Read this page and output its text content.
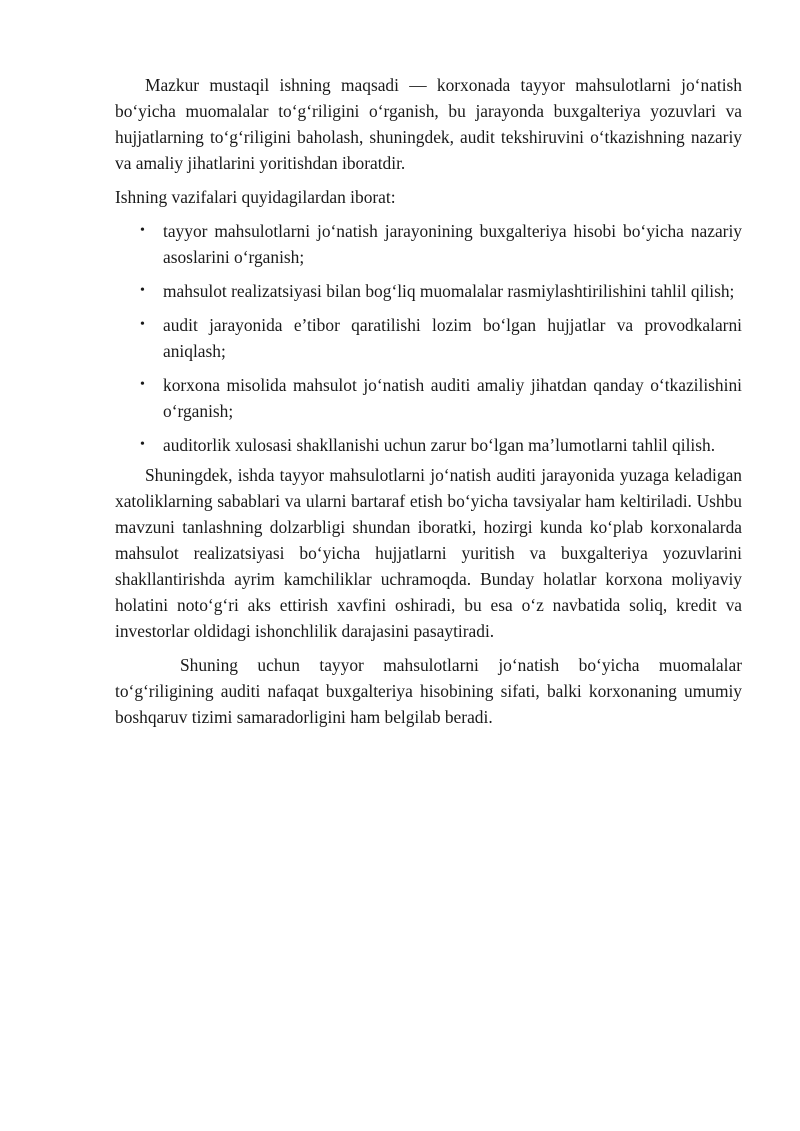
Mazkur mustaqil ishning maqsadi — korxonada tayyor mahsulotlarni jo‘natish bo‘yicha muomalalar to‘g‘riligini o‘rganish, bu jarayonda buxgalteriya yozuvlari va hujjatlarning to‘g‘riligini baholash, shuningdek, audit tekshiruvini o‘tkazishning nazariy va amaliy jihatlarini yoritishdan iboratdir.

Ishning vazifalari quyidagilardan iborat:

• tayyor mahsulotlarni jo‘natish jarayonining buxgalteriya hisobi bo‘yicha nazariy asoslarini o‘rganish;
• mahsulot realizatsiyasi bilan bog‘liq muomalalar rasmiylashtirilishini tahlil qilish;
• audit jarayonida e’tibor qaratilishi lozim bo‘lgan hujjatlar va provodkalarni aniqlash;
• korxona misolida mahsulot jo‘natish auditi amaliy jihatdan qanday o‘tkazilishini o‘rganish;
• auditorlik xulosasi shakllanishi uchun zarur bo‘lgan ma’lumotlarni tahlil qilish.

Shuningdek, ishda tayyor mahsulotlarni jo‘natish auditi jarayonida yuzaga keladigan xatoliklarning sabablari va ularni bartaraf etish bo‘yicha tavsiyalar ham keltiriladi. Ushbu mavzuni tanlashning dolzarbligi shundan iboratki, hozirgi kunda ko‘plab korxonalarda mahsulot realizatsiyasi bo‘yicha hujjatlarni yuritish va buxgalteriya yozuvlarini shakllantirishda ayrim kamchiliklar uchramoqda. Bunday holatlar korxona moliyaviy holatini noto‘g‘ri aks ettirish xavfini oshiradi, bu esa o‘z navbatida soliq, kredit va investorlar oldidagi ishonchlilik darajasini pasaytiradi.

Shuning uchun tayyor mahsulotlarni jo‘natish bo‘yicha muomalalar to‘g‘riligining auditi nafaqat buxgalteriya hisobining sifati, balki korxonaning umumiy boshqaruv tizimi samaradorligini ham belgilab beradi.
